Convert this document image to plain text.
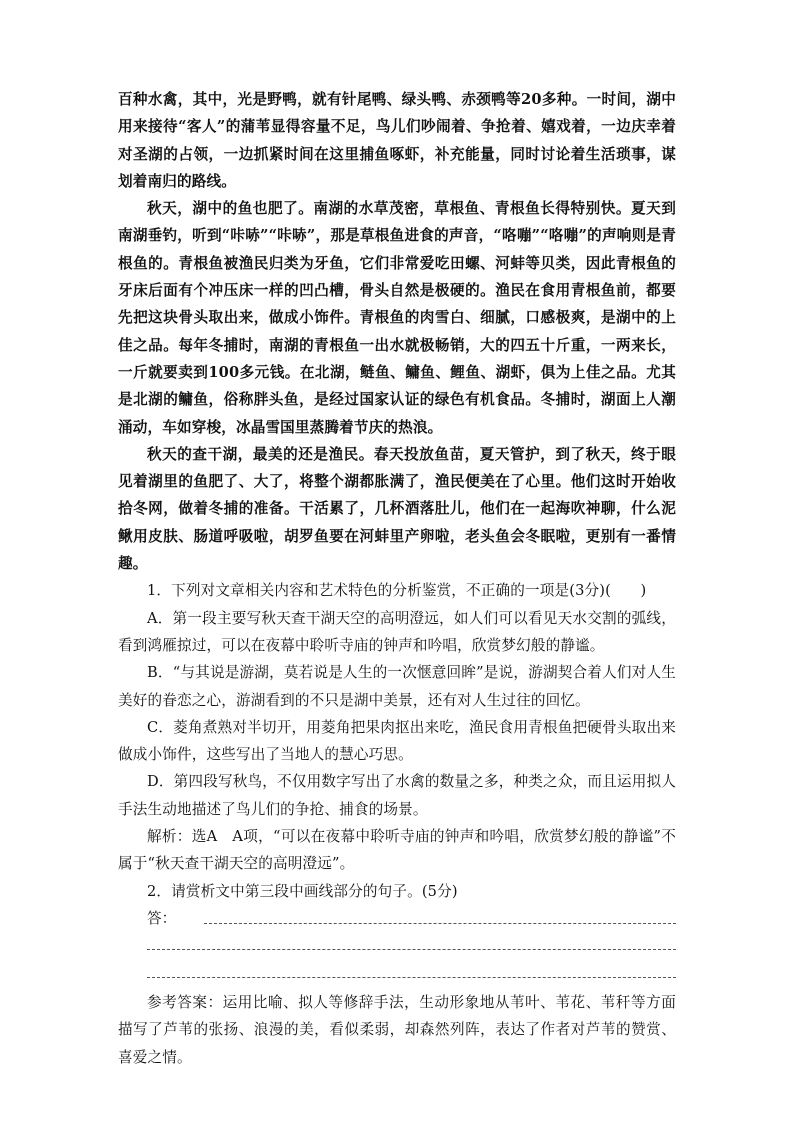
百种水禽，其中，光是野鸭，就有针尾鸭、绿头鸭、赤颈鸭等20多种。一时间，湖中用来接待“客人”的蒲苇显得容量不足，鸟儿们吵闹着、争抢着、嬉戏着，一边庆幸着对圣湖的占领，一边抓紧时间在这里捕鱼啄虾，补充能量，同时讨论着生活琐事，谋划着南归的路线。

秋天，湖中的鱼也肥了。南湖的水草茂密，草根鱼、青根鱼长得特别快。夏天到南湖垂钓，听到“咔哧”“咔哧”，那是草根鱼进食的声音，“咯嘣”“咯嘣”的声响则是青根鱼的。青根鱼被渔民归类为牙鱼，它们非常爱吃田螺、河蚌等贝类，因此青根鱼的牙床后面有个冲压床一样的凹凸槽，骨头自然是极硬的。渔民在食用青根鱼前，都要先把这块骨头取出来，做成小饰件。青根鱼的肉雪白、细腻，口感极爽，是湖中的上佳之品。每年冬捕时，南湖的青根鱼一出水就极畅销，大的四五十斤重，一两来长，一斤就要卖到100多元钱。在北湖，鲢鱼、鳙鱼、鲤鱼、湖虾，俱为上佳之品。尤其是北湖的鳙鱼，俗称胖头鱼，是经过国家认证的绿色有机食品。冬捕时，湖面上人潮涌动，车如穿梭，冰晶雪国里蒸腾着节庆的热浪。

秋天的查干湖，最美的还是渔民。春天投放鱼苗，夏天管护，到了秋天，终于眼见着湖里的鱼肥了、大了，将整个湖都胀满了，渔民便美在了心里。他们这时开始收拾冬网，做着冬捕的准备。干活累了，几杯酒落肚儿，他们在一起海吹神聊，什么泥鳅用皮肤、肠道呼吸啦，胡罗鱼要在河蚌里产卵啦，老头鱼会冬眠啦，更别有一番情趣。

1．下列对文章相关内容和艺术特色的分析鉴赏，不正确的一项是(3分)(　　)

A．第一段主要写秋天查干湖天空的高明澄远，如人们可以看见天水交割的弧线，看到鸿雁掠过，可以在夜幕中聆听寺庙的钟声和吟唱，欣赏梦幻般的静谧。

B．“与其说是游湖，莫若说是人生的一次惬意回眸”是说，游湖契合着人们对人生美好的眷恋之心，游湖看到的不只是湖中美景，还有对人生过往的回忆。

C．菱角煮熟对半切开，用菱角把果肉抠出来吃，渔民食用青根鱼把硬骨头取出来做成小饰件，这些写出了当地人的慧心巧思。

D．第四段写秋鸟，不仅用数字写出了水禽的数量之多，种类之众，而且运用拟人手法生动地描述了鸟儿们的争抢、捕食的场景。

解析：选A　A项，“可以在夜幕中聆听寺庙的钟声和吟唱，欣赏梦幻般的静谧”不属于“秋天查干湖天空的高明澄远”。

2．请赏析文中第三段中画线部分的句子。(5分)

答：

参考答案：运用比喻、拟人等修辞手法，生动形象地从苇叶、苇花、苇秆等方面描写了芦苇的张扬、浪漫的美，看似柔弱，却森然列阵，表达了作者对芦苇的赞赏、喜爱之情。
